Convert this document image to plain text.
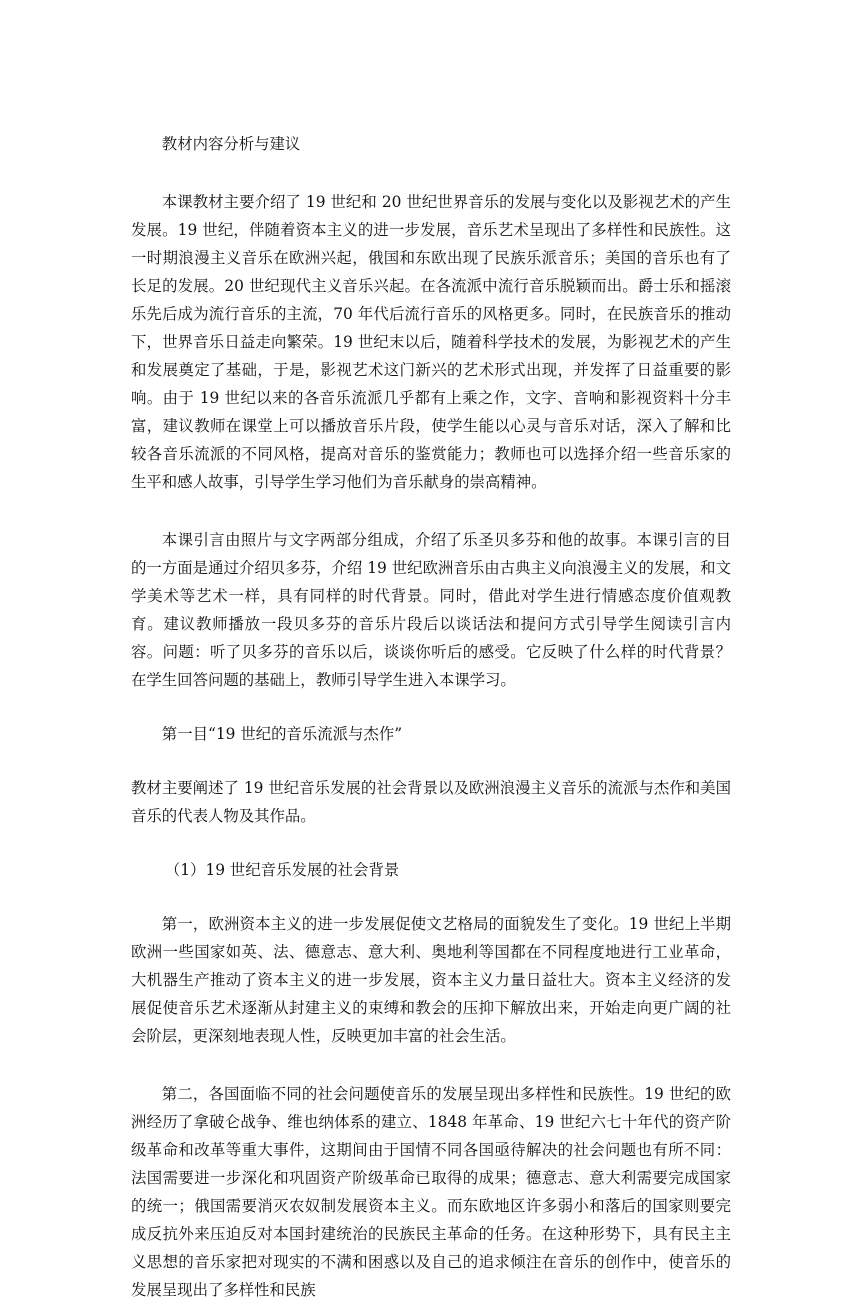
教材内容分析与建议

本课教材主要介绍了 19 世纪和 20 世纪世界音乐的发展与变化以及影视艺术的产生发展。19 世纪，伴随着资本主义的进一步发展，音乐艺术呈现出了多样性和民族性。这一时期浪漫主义音乐在欧洲兴起，俄国和东欧出现了民族乐派音乐；美国的音乐也有了长足的发展。20 世纪现代主义音乐兴起。在各流派中流行音乐脱颖而出。爵士乐和摇滚乐先后成为流行音乐的主流，70 年代后流行音乐的风格更多。同时，在民族音乐的推动下，世界音乐日益走向繁荣。19 世纪末以后，随着科学技术的发展，为影视艺术的产生和发展奠定了基础，于是，影视艺术这门新兴的艺术形式出现，并发挥了日益重要的影响。由于 19 世纪以来的各音乐流派几乎都有上乘之作，文字、音响和影视资料十分丰富，建议教师在课堂上可以播放音乐片段，使学生能以心灵与音乐对话，深入了解和比较各音乐流派的不同风格，提高对音乐的鉴赏能力；教师也可以选择介绍一些音乐家的生平和感人故事，引导学生学习他们为音乐献身的崇高精神。

本课引言由照片与文字两部分组成，介绍了乐圣贝多芬和他的故事。本课引言的目的一方面是通过介绍贝多芬，介绍 19 世纪欧洲音乐由古典主义向浪漫主义的发展，和文学美术等艺术一样，具有同样的时代背景。同时，借此对学生进行情感态度价值观教育。建议教师播放一段贝多芬的音乐片段后以谈话法和提问方式引导学生阅读引言内容。问题：听了贝多芬的音乐以后，谈谈你听后的感受。它反映了什么样的时代背景？在学生回答问题的基础上，教师引导学生进入本课学习。

第一目“19 世纪的音乐流派与杰作”

教材主要阐述了 19 世纪音乐发展的社会背景以及欧洲浪漫主义音乐的流派与杰作和美国音乐的代表人物及其作品。

（1）19 世纪音乐发展的社会背景

第一，欧洲资本主义的进一步发展促使文艺格局的面貌发生了变化。19 世纪上半期欧洲一些国家如英、法、德意志、意大利、奥地利等国都在不同程度地进行工业革命，大机器生产推动了资本主义的进一步发展，资本主义力量日益壮大。资本主义经济的发展促使音乐艺术逐渐从封建主义的束缚和教会的压抑下解放出来，开始走向更广阔的社会阶层，更深刻地表现人性，反映更加丰富的社会生活。

第二，各国面临不同的社会问题使音乐的发展呈现出多样性和民族性。19 世纪的欧洲经历了拿破仑战争、维也纳体系的建立、1848 年革命、19 世纪六七十年代的资产阶级革命和改革等重大事件，这期间由于国情不同各国亟待解决的社会问题也有所不同：法国需要进一步深化和巩固资产阶级革命已取得的成果；德意志、意大利需要完成国家的统一；俄国需要消灭农奴制发展资本主义。而东欧地区许多弱小和落后的国家则要完成反抗外来压迫反对本国封建统治的民族民主革命的任务。在这种形势下，具有民主主义思想的音乐家把对现实的不满和困惑以及自己的追求倾注在音乐的创作中，使音乐的发展呈现出了多样性和民族
